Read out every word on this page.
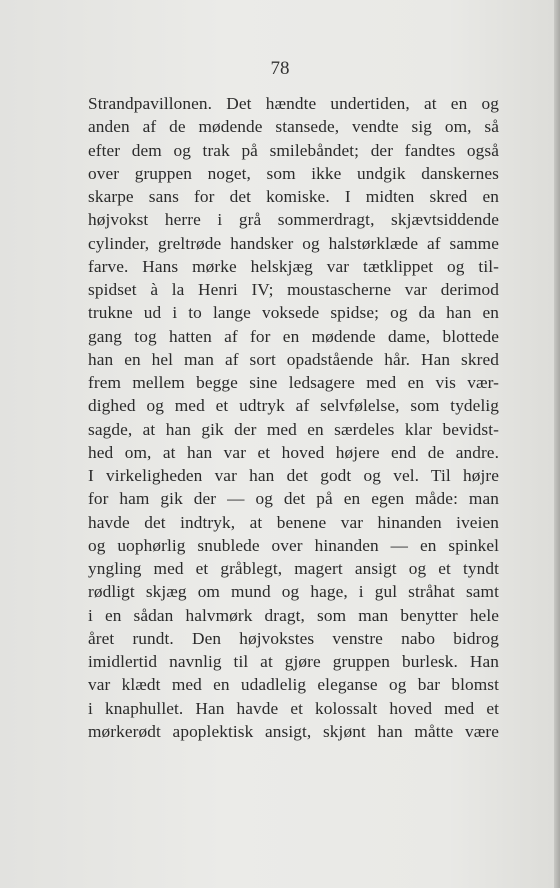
78
Strandpavillonen. Det hændte undertiden, at en og
anden af de mødende stansede, vendte sig om, så
efter dem og trak på smilebåndet; der fandtes også
over gruppen noget, som ikke undgik danskernes
skarpe sans for det komiske. I midten skred en
højvokst herre i grå sommerdragt, skjævtsiddende
cylinder, greltrøde handsker og halstørklæde af samme
farve. Hans mørke helskjæg var tætklippet og til-
spidset à la Henri IV; moustascherne var derimod
trukne ud i to lange voksede spidse; og da han en
gang tog hatten af for en mødende dame, blottede
han en hel man af sort opadstående hår. Han skred
frem mellem begge sine ledsagere med en vis vær-
dighed og med et udtryk af selvfølelse, som tydelig
sagde, at han gik der med en særdeles klar bevidst-
hed om, at han var et hoved højere end de andre.
I virkeligheden var han det godt og vel. Til højre
for ham gik der — og det på en egen måde: man
havde det indtryk, at benene var hinanden iveien
og uophørlig snublede over hinanden — en spinkel
yngling med et gråblegt, magert ansigt og et tyndt
rødligt skjæg om mund og hage, i gul stråhat samt
i en sådan halvmørk dragt, som man benytter hele
året rundt. Den højvokstes venstre nabo bidrog
imidlertid navnlig til at gjøre gruppen burlesk. Han
var klædt med en udadlelig eleganse og bar blomst
i knaphullet. Han havde et kolossalt hoved med et
mørkerødt apoplektisk ansigt, skjønt han måtte være
